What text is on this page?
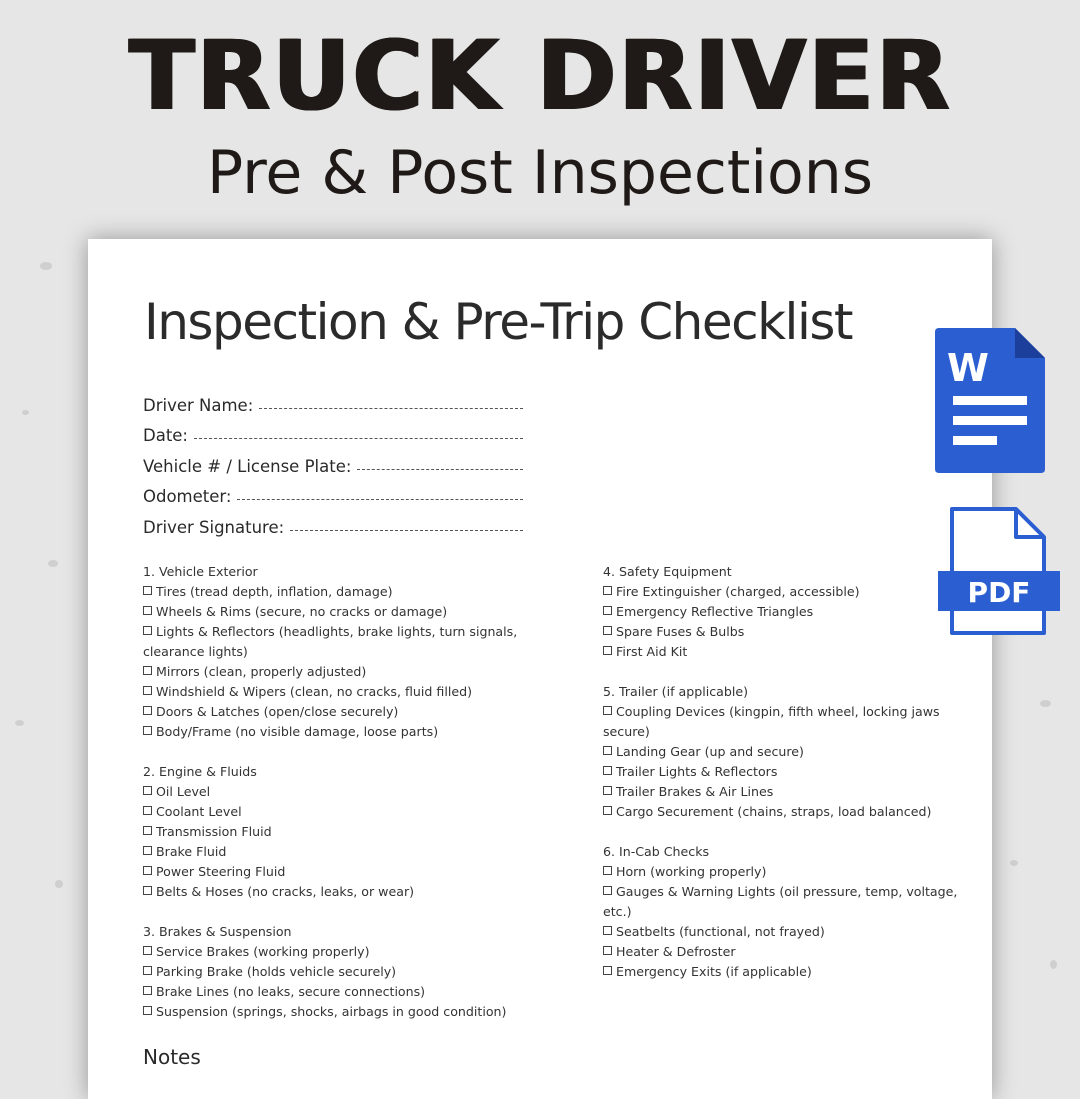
TRUCK DRIVER
Pre & Post Inspections
Inspection & Pre-Trip Checklist
Driver Name:
Date:
Vehicle # / License Plate:
Odometer:
Driver Signature:
1. Vehicle Exterior
Tires (tread depth, inflation, damage)
Wheels & Rims (secure, no cracks or damage)
Lights & Reflectors (headlights, brake lights, turn signals, clearance lights)
Mirrors (clean, properly adjusted)
Windshield & Wipers (clean, no cracks, fluid filled)
Doors & Latches (open/close securely)
Body/Frame (no visible damage, loose parts)
2. Engine & Fluids
Oil Level
Coolant Level
Transmission Fluid
Brake Fluid
Power Steering Fluid
Belts & Hoses (no cracks, leaks, or wear)
3. Brakes & Suspension
Service Brakes (working properly)
Parking Brake (holds vehicle securely)
Brake Lines (no leaks, secure connections)
Suspension (springs, shocks, airbags in good condition)
4. Safety Equipment
Fire Extinguisher (charged, accessible)
Emergency Reflective Triangles
Spare Fuses & Bulbs
First Aid Kit
5. Trailer (if applicable)
Coupling Devices (kingpin, fifth wheel, locking jaws secure)
Landing Gear (up and secure)
Trailer Lights & Reflectors
Trailer Brakes & Air Lines
Cargo Securement (chains, straps, load balanced)
6. In-Cab Checks
Horn (working properly)
Gauges & Warning Lights (oil pressure, temp, voltage, etc.)
Seatbelts (functional, not frayed)
Heater & Defroster
Emergency Exits (if applicable)
Notes
W
PDF
